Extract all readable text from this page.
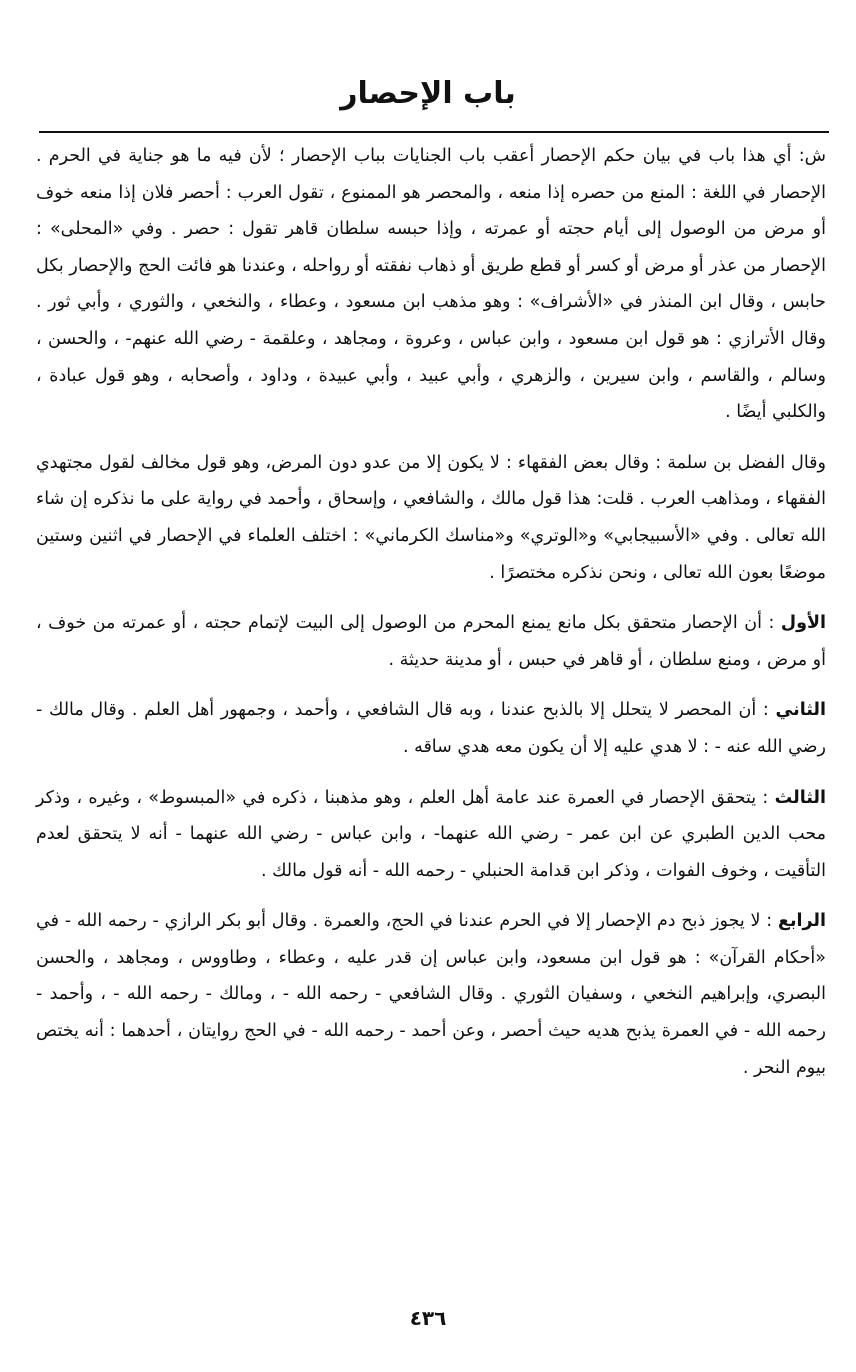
باب الإحصار

ش: أي هذا باب في بيان حكم الإحصار أعقب باب الجنايات بباب الإحصار ؛ لأن فيه ما هو جناية في الحرم . الإحصار في اللغة : المنع من حصره إذا منعه ، والمحصر هو الممنوع ، تقول العرب : أحصر فلان إذا منعه خوف أو مرض من الوصول إلى أيام حجته أو عمرته ، وإذا حبسه سلطان قاهر تقول : حصر . وفي «المحلى» : الإحصار من عذر أو مرض أو كسر أو قطع طريق أو ذهاب نفقته أو رواحله ، وعندنا هو فائت الحج والإحصار بكل حابس ، وقال ابن المنذر في «الأشراف» : وهو مذهب ابن مسعود ، وعطاء ، والنخعي ، والثوري ، وأبي ثور . وقال الأترازي : هو قول ابن مسعود ، وابن عباس ، وعروة ، ومجاهد ، وعلقمة - رضي الله عنهم- ، والحسن ، وسالم ، والقاسم ، وابن سيرين ، والزهري ، وأبي عبيد ، وأبي عبيدة ، وداود ، وأصحابه ، وهو قول عبادة ، والكلبي أيضًا .

وقال الفضل بن سلمة : وقال بعض الفقهاء : لا يكون إلا من عدو دون المرض، وهو قول مخالف لقول مجتهدي الفقهاء ، ومذاهب العرب . قلت: هذا قول مالك ، والشافعي ، وإسحاق ، وأحمد في رواية على ما نذكره إن شاء الله تعالى . وفي «الأسبيجابي» و«الوتري» و«مناسك الكرماني» : اختلف العلماء في الإحصار في اثنين وستين موضعًا بعون الله تعالى ، ونحن نذكره مختصرًا .

الأول : أن الإحصار متحقق بكل مانع يمنع المحرم من الوصول إلى البيت لإتمام حجته ، أو عمرته من خوف ، أو مرض ، ومنع سلطان ، أو قاهر في حبس ، أو مدينة حديثة .

الثاني : أن المحصر لا يتحلل إلا بالذبح عندنا ، وبه قال الشافعي ، وأحمد ، وجمهور أهل العلم . وقال مالك - رضي الله عنه - : لا هدي عليه إلا أن يكون معه هدي ساقه .

الثالث : يتحقق الإحصار في العمرة عند عامة أهل العلم ، وهو مذهبنا ، ذكره في «المبسوط» ، وغيره ، وذكر محب الدين الطبري عن ابن عمر - رضي الله عنهما- ، وابن عباس - رضي الله عنهما - أنه لا يتحقق لعدم التأقيت ، وخوف الفوات ، وذكر ابن قدامة الحنبلي - رحمه الله - أنه قول مالك .

الرابع : لا يجوز ذبح دم الإحصار إلا في الحرم عندنا في الحج، والعمرة . وقال أبو بكر الرازي - رحمه الله - في «أحكام القرآن» : هو قول ابن مسعود، وابن عباس إن قدر عليه ، وعطاء ، وطاووس ، ومجاهد ، والحسن البصري، وإبراهيم النخعي ، وسفيان الثوري . وقال الشافعي - رحمه الله - ، ومالك - رحمه الله - ، وأحمد - رحمه الله - في العمرة يذبح هديه حيث أحصر ، وعن أحمد - رحمه الله - في الحج روايتان ، أحدهما : أنه يختص بيوم النحر .

٤٣٦
